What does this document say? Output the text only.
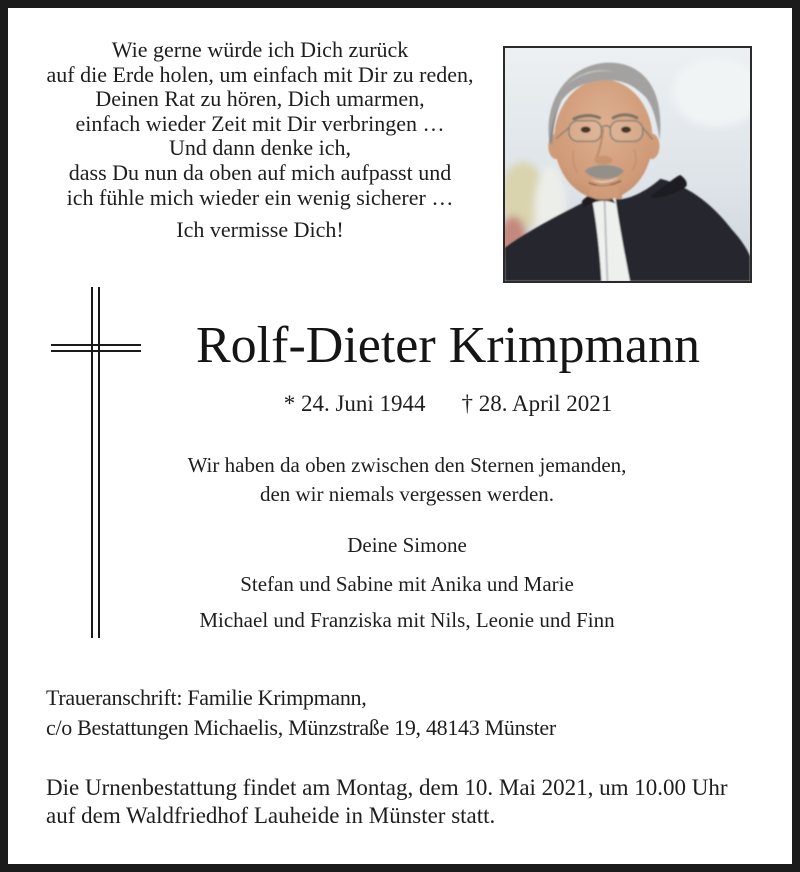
Wie gerne würde ich Dich zurück
auf die Erde holen, um einfach mit Dir zu reden,
Deinen Rat zu hören, Dich umarmen,
einfach wieder Zeit mit Dir verbringen …
Und dann denke ich,
dass Du nun da oben auf mich aufpasst und
ich fühle mich wieder ein wenig sicherer …
Ich vermisse Dich!
Rolf-Dieter Krimpmann
* 24. Juni 1944 † 28. April 2021
Wir haben da oben zwischen den Sternen jemanden,
den wir niemals vergessen werden.
Deine Simone
Stefan und Sabine mit Anika und Marie
Michael und Franziska mit Nils, Leonie und Finn
Traueranschrift: Familie Krimpmann,
c/o Bestattungen Michaelis, Münzstraße 19, 48143 Münster
Die Urnenbestattung findet am Montag, dem 10. Mai 2021, um 10.00 Uhr
auf dem Waldfriedhof Lauheide in Münster statt.
